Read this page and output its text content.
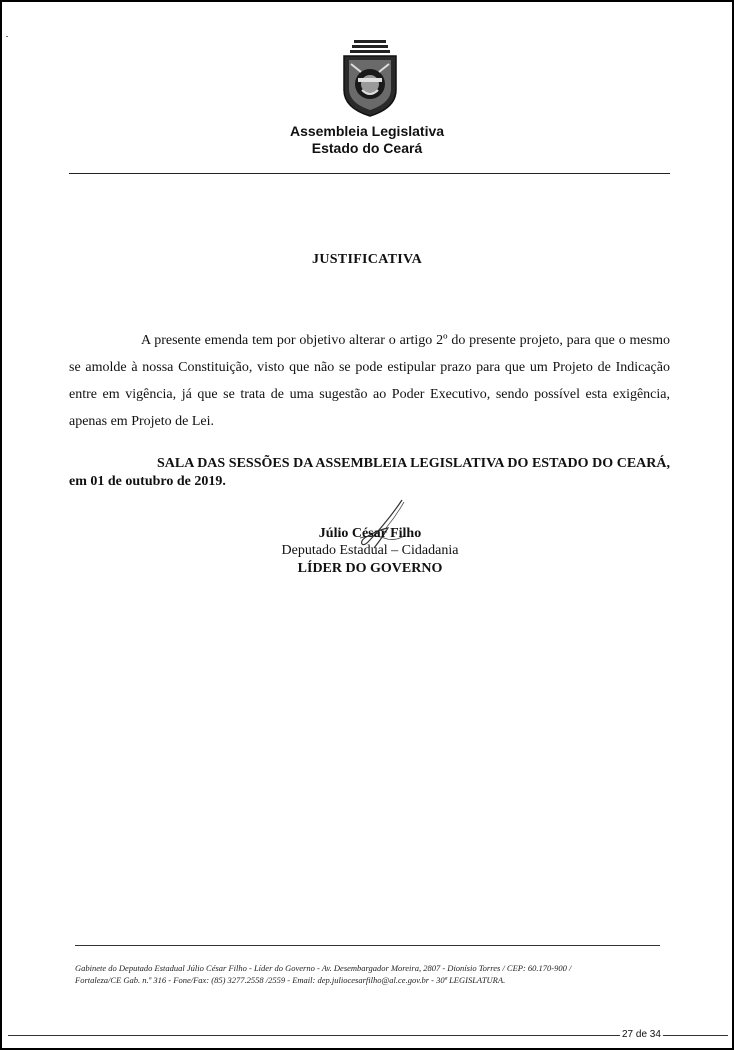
Assembleia Legislativa
Estado do Ceará
JUSTIFICATIVA

A presente emenda tem por objetivo alterar o artigo 2º do presente projeto, para que o mesmo se amolde à nossa Constituição, visto que não se pode estipular prazo para que um Projeto de Indicação entre em vigência, já que se trata de uma sugestão ao Poder Executivo, sendo possível esta exigência, apenas em Projeto de Lei.

SALA DAS SESSÕES DA ASSEMBLEIA LEGISLATIVA DO ESTADO DO CEARÁ, em 01 de outubro de 2019.

Júlio César Filho
Deputado Estadual – Cidadania
LÍDER DO GOVERNO
Gabinete do Deputado Estadual Júlio César Filho - Líder do Governo - Av. Desembargador Moreira, 2807 - Dionísio Torres / CEP: 60.170-900 /
Fortaleza/CE Gab. n.º 316 - Fone/Fax: (85) 3277.2558 /2559 - Email: dep.juliocesarfilho@al.ce.gov.br - 30ª LEGISLATURA.
27 de 34
